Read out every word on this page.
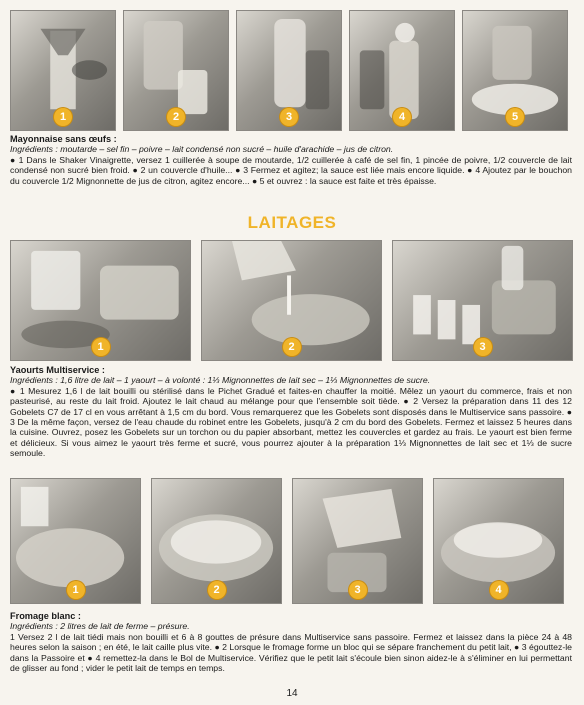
1	2	3	4	5

Mayonnaise sans œufs :

Ingrédients : moutarde – sel fin – poivre – lait condensé non sucré – huile d'arachide – jus de citron.

● 1 Dans le Shaker Vinaigrette, versez 1 cuillerée à soupe de moutarde, 1/2 cuillerée à café de sel fin, 1 pincée de poivre, 1/2 couvercle de lait condensé non sucré bien froid. ● 2 un couvercle d'huile... ● 3 Fermez et agitez; la sauce est liée mais encore liquide. ● 4 Ajoutez par le bouchon du couvercle 1/2 Mignonnette de jus de citron, agitez encore... ● 5 et ouvrez : la sauce est faite et très épaisse.

LAITAGES
1	2	3

Yaourts Multiservice :

Ingrédients : 1,6 litre de lait – 1 yaourt – à volonté : 1⅓ Mignonnettes de lait sec – 1⅓ Mignonnettes de sucre.

● 1 Mesurez 1,6 l de lait bouilli ou stérilisé dans le Pichet Gradué et faites-en chauffer la moitié. Mêlez un yaourt du commerce, frais et non pasteurisé, au reste du lait froid. Ajoutez le lait chaud au mélange pour que l'ensemble soit tiède. ● 2 Versez la préparation dans 11 des 12 Gobelets C7 de 17 cl en vous arrêtant à 1,5 cm du bord. Vous remarquerez que les Gobelets sont disposés dans le Multiservice sans passoire. ● 3 De la même façon, versez de l'eau chaude du robinet entre les Gobelets, jusqu'à 2 cm du bord des Gobelets. Fermez et laissez 5 heures dans la cuisine. Ouvrez, posez les Gobelets sur un torchon ou du papier absorbant, mettez les couvercles et gardez au frais. Le yaourt est bien ferme et délicieux. Si vous aimez le yaourt très ferme et sucré, vous pourrez ajouter à la préparation 1⅓ Mignonnettes de lait sec et 1⅓ de sucre semoule.

1	2	3	4

Fromage blanc :

Ingrédients : 2 litres de lait de ferme – présure.

1 Versez 2 l de lait tiédi mais non bouilli et 6 à 8 gouttes de présure dans Multiservice sans passoire. Fermez et laissez dans la pièce 24 à 48 heures selon la saison ; en été, le lait caille plus vite. ● 2 Lorsque le fromage forme un bloc qui se sépare franchement du petit lait, ● 3 égouttez-le dans la Passoire et ● 4 remettez-la dans le Bol de Multiservice. Vérifiez que le petit lait s'écoule bien sinon aidez-le à s'éliminer en lui permettant de glisser au fond ; vider le petit lait de temps en temps.

14
